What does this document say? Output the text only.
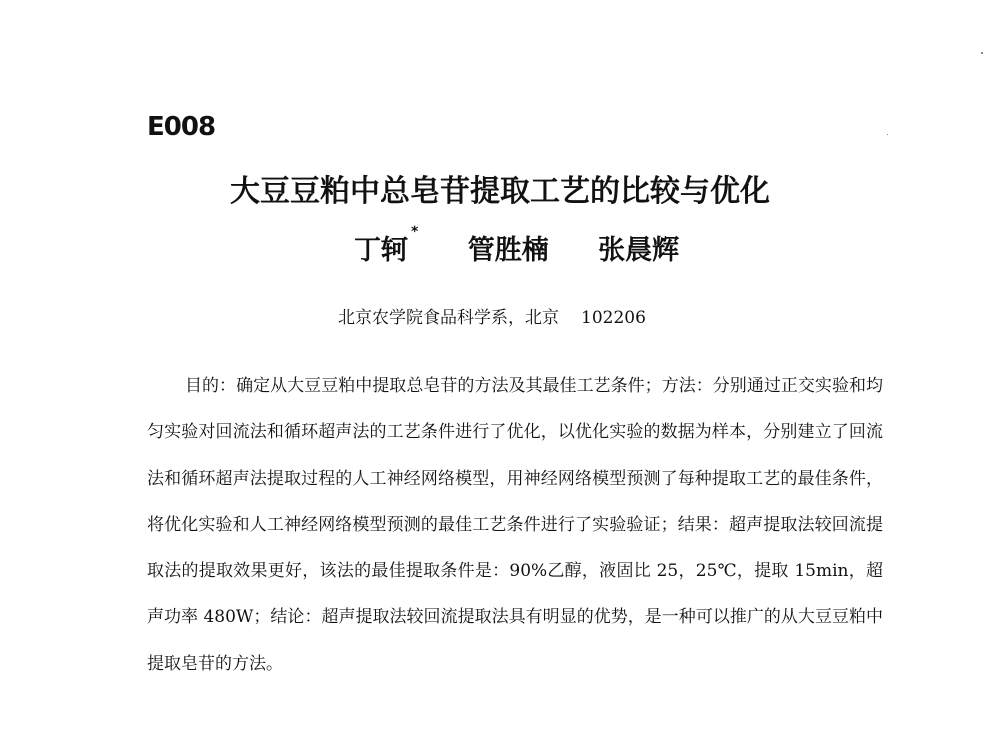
E008
大豆豆粕中总皂苷提取工艺的比较与优化
丁轲* 管胜楠 张晨辉
北京农学院食品科学系，北京 102206

目的：确定从大豆豆粕中提取总皂苷的方法及其最佳工艺条件；方法：分别通过正交实验和均匀实验对回流法和循环超声法的工艺条件进行了优化，以优化实验的数据为样本，分别建立了回流法和循环超声法提取过程的人工神经网络模型，用神经网络模型预测了每种提取工艺的最佳条件，将优化实验和人工神经网络模型预测的最佳工艺条件进行了实验验证；结果：超声提取法较回流提取法的提取效果更好，该法的最佳提取条件是：90%乙醇，液固比 25，25℃，提取 15min，超声功率 480W；结论：超声提取法较回流提取法具有明显的优势，是一种可以推广的从大豆豆粕中提取皂苷的方法。
